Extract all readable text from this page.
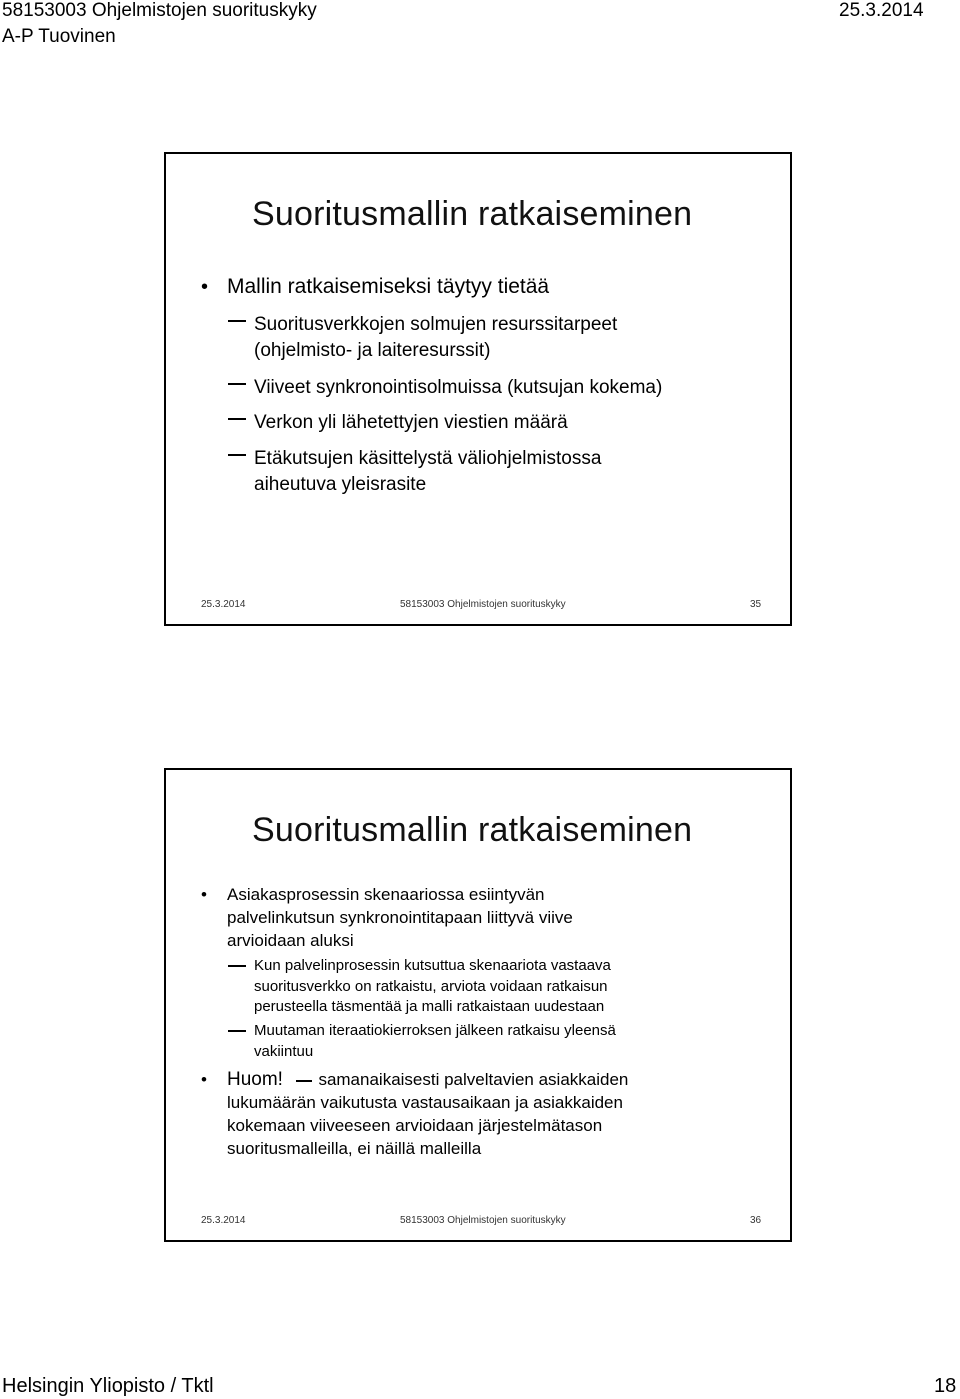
58153003 Ohjelmistojen suorituskyky	25.3.2014
A-P Tuovinen
Suoritusmallin ratkaiseminen
• Mallin ratkaisemiseksi täytyy tietää
Suoritusverkkojen solmujen resurssitarpeet
(ohjelmisto- ja laiteresurssit)
Viiveet synkronointisolmuissa (kutsujan kokema)
Verkon yli lähetettyjen viestien määrä
Etäkutsujen käsittelystä väliohjelmistossa
aiheutuva yleisrasite
25.3.2014	58153003 Ohjelmistojen suorituskyky	35
Suoritusmallin ratkaiseminen
• Asiakasprosessin skenaariossa esiintyvän
palvelinkutsun synkronointitapaan liittyvä viive
arvioidaan aluksi
Kun palvelinprosessin kutsuttua skenaariota vastaava
suoritusverkko on ratkaistu, arviota voidaan ratkaisun
perusteella täsmentää ja malli ratkaistaan uudestaan
Muutaman iteraatiokierroksen jälkeen ratkaisu yleensä
vakiintuu
• Huom! samanaikaisesti palveltavien asiakkaiden
lukumäärän vaikutusta vastausaikaan ja asiakkaiden
kokemaan viiveeseen arvioidaan järjestelmätason
suoritusmalleilla, ei näillä malleilla
25.3.2014	58153003 Ohjelmistojen suorituskyky	36
Helsingin Yliopisto / Tktl	18
